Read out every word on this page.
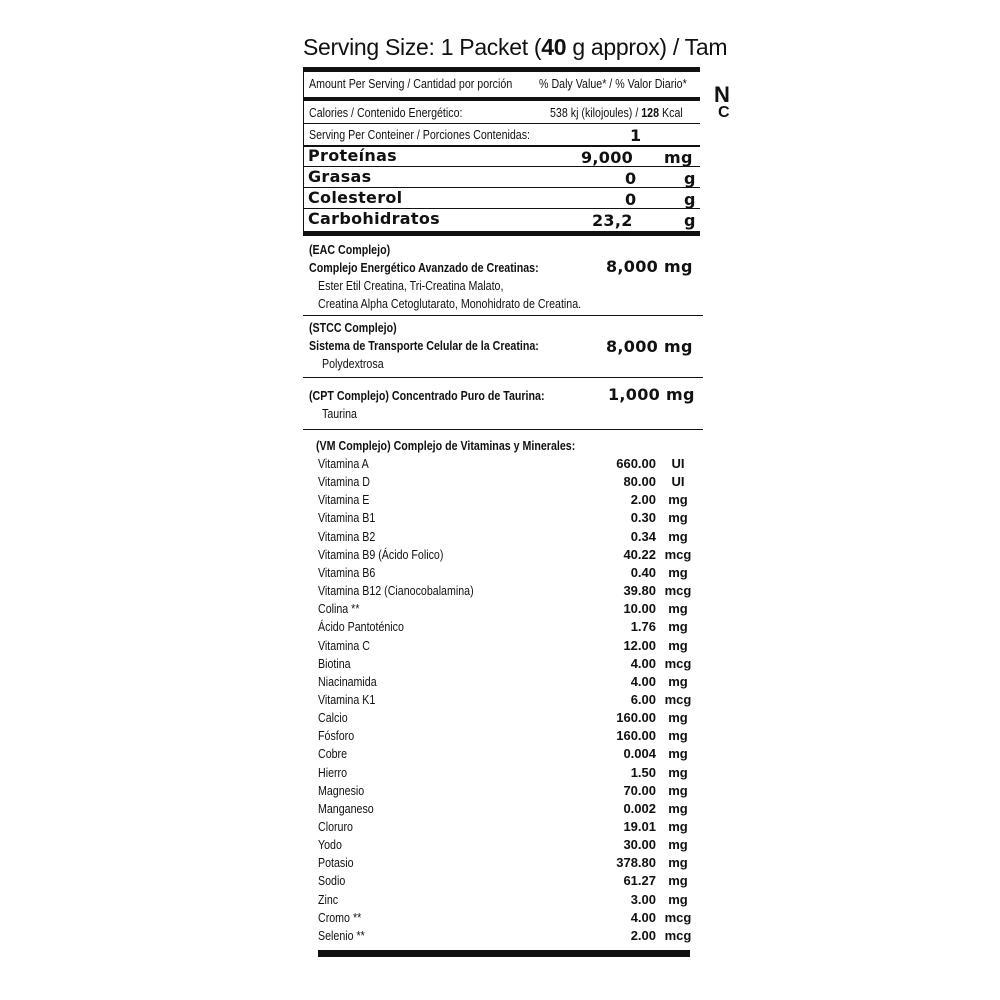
Serving Size: 1 Packet (40 g approx) / Tam
N
C
Amount Per Serving / Cantidad por porción	% Daly Value* / % Valor Diario*
Calories / Contenido Energético:	538 kj (kilojoules) / 128 Kcal
Serving Per Conteiner / Porciones Contenidas:	1
Proteínas	9,000 mg
Grasas	0	g
Colesterol	0	g
Carbohidratos	23,2	g
(EAC Complejo)
Complejo Energético Avanzado de Creatinas:	8,000 mg
Ester Etil Creatina, Tri-Creatina Malato,
Creatina Alpha Cetoglutarato, Monohidrato de Creatina.
(STCC Complejo)
Sistema de Transporte Celular de la Creatina:	8,000 mg
Polydextrosa
(CPT Complejo) Concentrado Puro de Taurina:	1,000 mg
Taurina
(VM Complejo) Complejo de Vitaminas y Minerales:
Vitamina A	660.00	UI
Vitamina D	80.00	UI
Vitamina E	2.00 mg
Vitamina B1	0.30 mg
Vitamina B2	0.34 mg
Vitamina B9 (Ácido Folico)	40.22 mcg
Vitamina B6	0.40 mg
Vitamina B12 (Cianocobalamina)	39.80 mcg
Colina **	10.00 mg
Ácido Pantoténico	1.76 mg
Vitamina C	12.00 mg
Biotina	4.00 mcg
Niacinamida	4.00 mg
Vitamina K1	6.00 mcg
Calcio	160.00 mg
Fósforo	160.00 mg
Cobre	0.004 mg
Hierro	1.50 mg
Magnesio	70.00 mg
Manganeso	0.002 mg
Cloruro	19.01 mg
Yodo	30.00 mg
Potasio	378.80 mg
Sodio	61.27 mg
Zinc	3.00 mg
Cromo **	4.00 mcg
Selenio **	2.00 mcg
